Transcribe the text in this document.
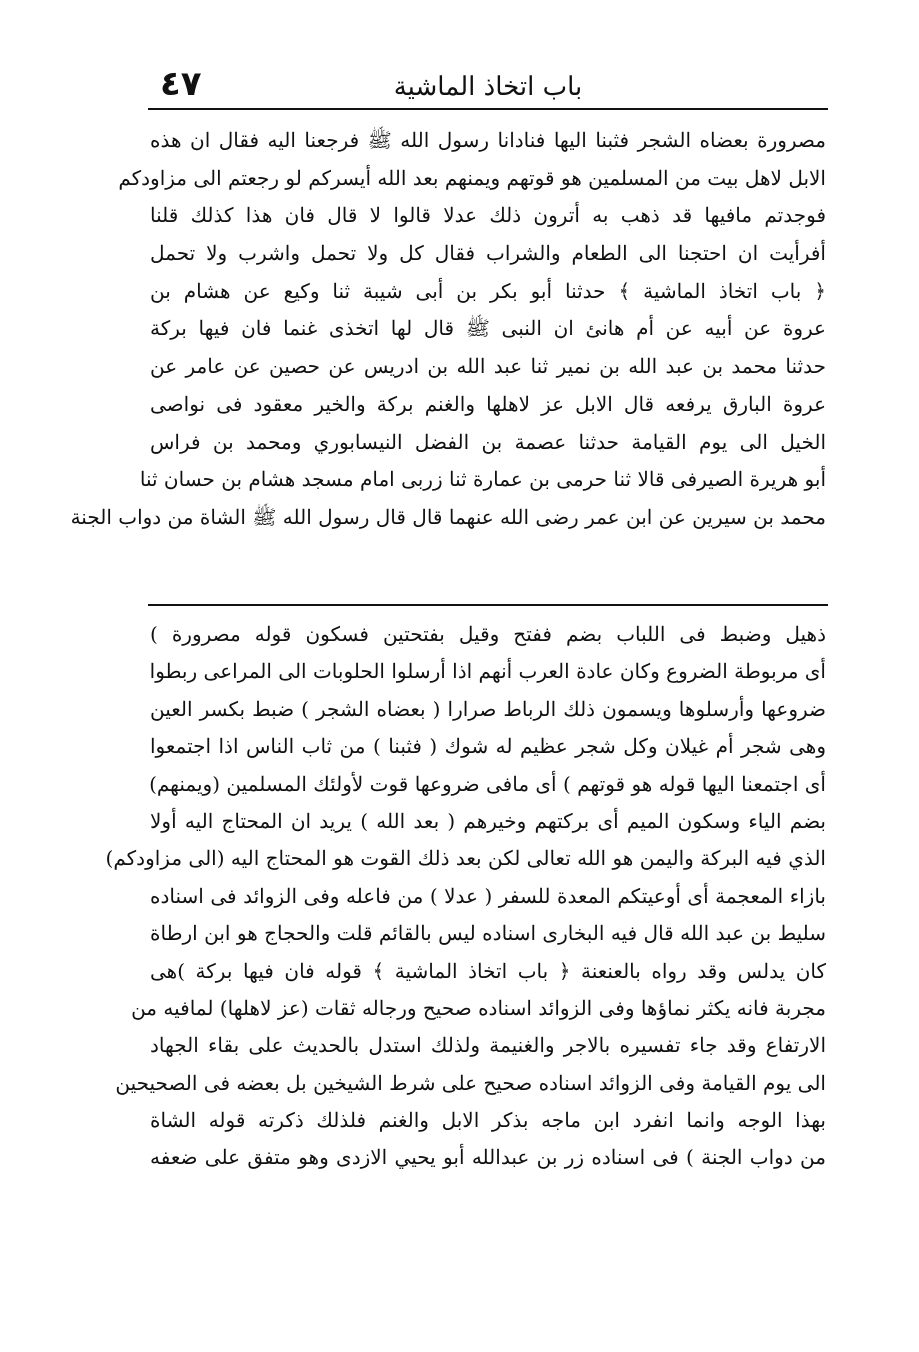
٤٧	باب اتخاذ الماشية
مصرورة بعضاه الشجر فثبنا اليها فنادانا رسول الله ﷺ فرجعنا اليه فقال ان هذه
الابل لاهل بيت من المسلمين هو قوتهم ويمنهم بعد الله أيسركم لو رجعتم الى مزاودكم
فوجدتم مافيها قد ذهب به أترون ذلك عدلا قالوا لا قال فان هذا كذلك قلنا
أفرأيت ان احتجنا الى الطعام والشراب فقال كل ولا تحمل واشرب ولا تحمل
﴿ باب اتخاذ الماشية ﴾ حدثنا أبو بكر بن أبى شيبة ثنا وكيع عن هشام بن
عروة عن أبيه عن أم هانئ ان النبى ﷺ قال لها اتخذى غنما فان فيها بركة
حدثنا محمد بن عبد الله بن نمير ثنا عبد الله بن ادريس عن حصين عن عامر عن
عروة البارق يرفعه قال الابل عز لاهلها والغنم بركة والخير معقود فى نواصى
الخيل الى يوم القيامة حدثنا عصمة بن الفضل النيسابوري ومحمد بن فراس
أبو هريرة الصيرفى قالا ثنا حرمى بن عمارة ثنا زربى امام مسجد هشام بن حسان ثنا
محمد بن سيرين عن ابن عمر رضى الله عنهما قال قال رسول الله ﷺ الشاة من دواب الجنة
ذهيل وضبط فى اللباب بضم ففتح وقيل بفتحتين فسكون قوله مصرورة )
أى مربوطة الضروع وكان عادة العرب أنهم اذا أرسلوا الحلوبات الى المراعى ربطوا
ضروعها وأرسلوها ويسمون ذلك الرباط صرارا ( بعضاه الشجر ) ضبط بكسر العين
وهى شجر أم غيلان وكل شجر عظيم له شوك ( فثبنا ) من ثاب الناس اذا اجتمعوا
أى اجتمعنا اليها قوله هو قوتهم ) أى مافى ضروعها قوت لأولئك المسلمين (ويمنهم)
بضم الياء وسكون الميم أى بركتهم وخيرهم ( بعد الله ) يريد ان المحتاج اليه أولا
الذي فيه البركة واليمن هو الله تعالى لكن بعد ذلك القوت هو المحتاج اليه (الى مزاودكم)
بازاء المعجمة أى أوعيتكم المعدة للسفر ( عدلا ) من فاعله وفى الزوائد فى اسناده
سليط بن عبد الله قال فيه البخارى اسناده ليس بالقائم قلت والحجاج هو ابن ارطاة
كان يدلس وقد رواه بالعنعنة ﴿ باب اتخاذ الماشية ﴾ قوله فان فيها بركة )هى
مجربة فانه يكثر نماؤها وفى الزوائد اسناده صحيح ورجاله ثقات (عز لاهلها) لمافيه من
الارتفاع وقد جاء تفسيره بالاجر والغنيمة ولذلك استدل بالحديث على بقاء الجهاد
الى يوم القيامة وفى الزوائد اسناده صحيح على شرط الشيخين بل بعضه فى الصحيحين
بهذا الوجه وانما انفرد ابن ماجه بذكر الابل والغنم فلذلك ذكرته قوله الشاة
من دواب الجنة ) فى اسناده زر بن عبدالله أبو يحيي الازدى وهو متفق على ضعفه
